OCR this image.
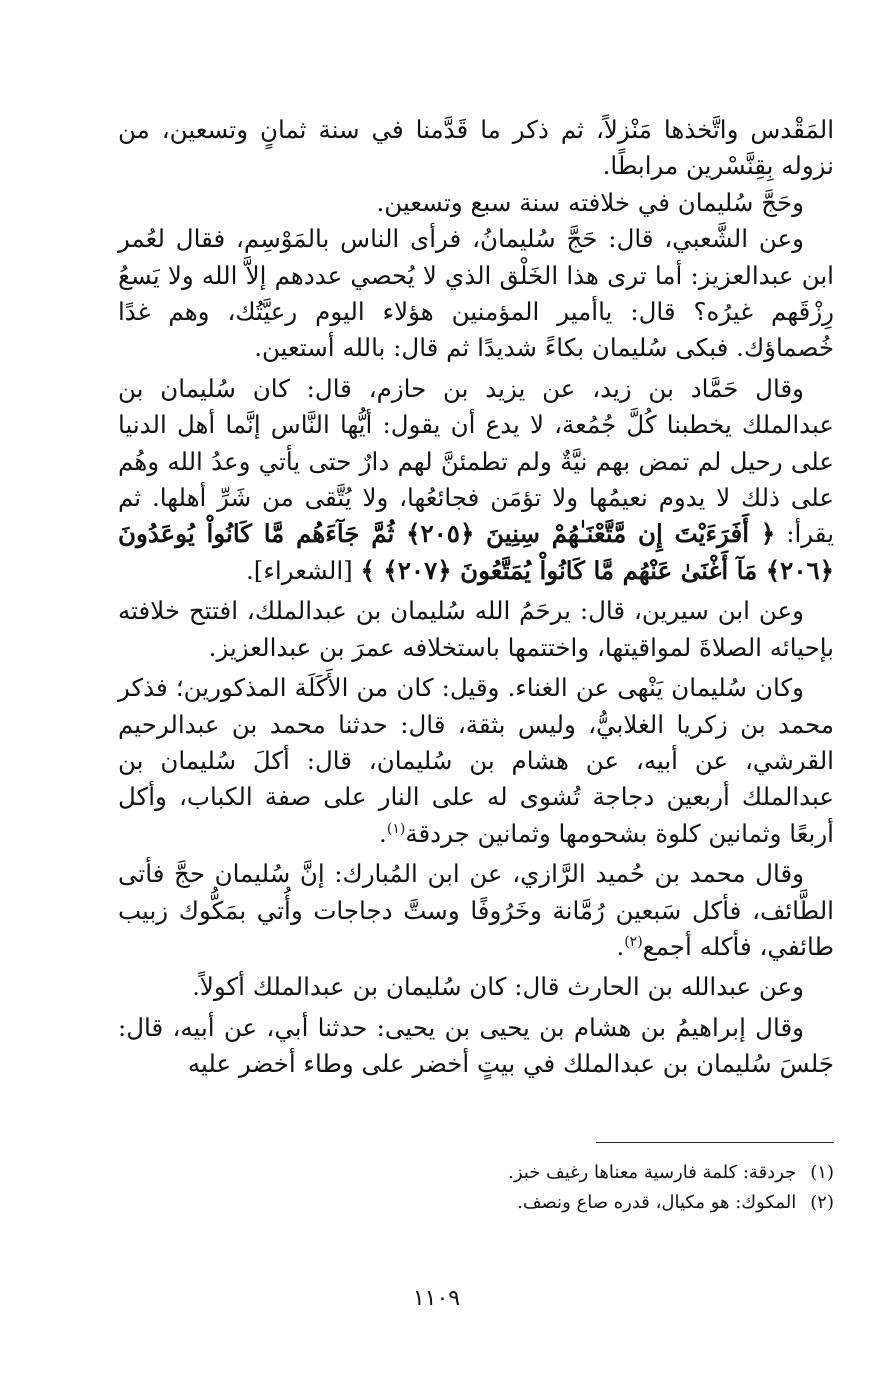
المَقْدس واتَّخذها مَنْزلاً، ثم ذكر ما قَدَّمنا في سنة ثمانٍ وتسعين، من نزوله بِقِنَّسْرين مرابطًا.

وحَجَّ سُليمان في خلافته سنة سبع وتسعين.

وعن الشَّعبي، قال: حَجَّ سُليمانُ، فرأى الناس بالمَوْسِم، فقال لعُمر ابن عبدالعزيز: أما ترى هذا الخَلْق الذي لا يُحصي عددهم إلاَّ الله ولا يَسعُ رِزْقَهم غيرُه؟ قال: ياأمير المؤمنين هؤلاء اليوم رعيَّتُك، وهم غدًا خُصماؤك. فبكى سُليمان بكاءً شديدًا ثم قال: بالله أستعين.

وقال حَمَّاد بن زيد، عن يزيد بن حازم، قال: كان سُليمان بن عبدالملك يخطبنا كُلَّ جُمُعة، لا يدع أن يقول: أيُّها النَّاس إنَّما أهل الدنيا على رحيل لم تمض بهم نيَّةٌ ولم تطمئنَّ لهم دارٌ حتى يأتي وعدُ الله وهُم على ذلك لا يدوم نعيمُها ولا تؤمَن فجائعُها، ولا يُتَّقى من شَرِّ أهلها. ثم يقرأ: ﴿ أَفَرَءَيْتَ إِن مَّتَّعْنَـٰهُمْ سِنِينَ ﴿٢٠٥﴾ ثُمَّ جَآءَهُم مَّا كَانُواْ يُوعَدُونَ ﴿٢٠٦﴾ مَآ أَغْنَىٰ عَنْهُم مَّا كَانُواْ يُمَتَّعُونَ ﴿٢٠٧﴾ ﴾ [الشعراء].

وعن ابن سيرين، قال: يرحَمُ الله سُليمان بن عبدالملك، افتتح خلافته بإحيائه الصلاةَ لمواقيتها، واختتمها باستخلافه عمرَ بن عبدالعزيز.

وكان سُليمان يَنْهى عن الغناء. وقيل: كان من الأَكَلَة المذكورين؛ فذكر محمد بن زكريا الغلابيُّ، وليس بثقة، قال: حدثنا محمد بن عبدالرحيم القرشي، عن أبيه، عن هشام بن سُليمان، قال: أكلَ سُليمان بن عبدالملك أربعين دجاجة تُشوى له على النار على صفة الكباب، وأكل أربعًا وثمانين كلوة بشحومها وثمانين جردقة$^{(١)}$.

وقال محمد بن حُميد الرَّازي، عن ابن المُبارك: إنَّ سُليمان حجَّ فأتى الطَّائف، فأكل سَبعين رُمَّانة وخَرُوفًا وستَّ دجاجات وأُتي بمَكُّوك زبيب طائفي، فأكله أجمع$^{(٢)}$.

وعن عبدالله بن الحارث قال: كان سُليمان بن عبدالملك أكولاً.

وقال إبراهيمُ بن هشام بن يحيى بن يحيى: حدثنا أبي، عن أبيه، قال: جَلسَ سُليمان بن عبدالملك في بيتٍ أخضر على وطاء أخضر عليه

(١)جردقة: كلمة فارسية معناها رغيف خبز.

(٢)المكوك: هو مكيال، قدره صاع ونصف.

١١٠٩
